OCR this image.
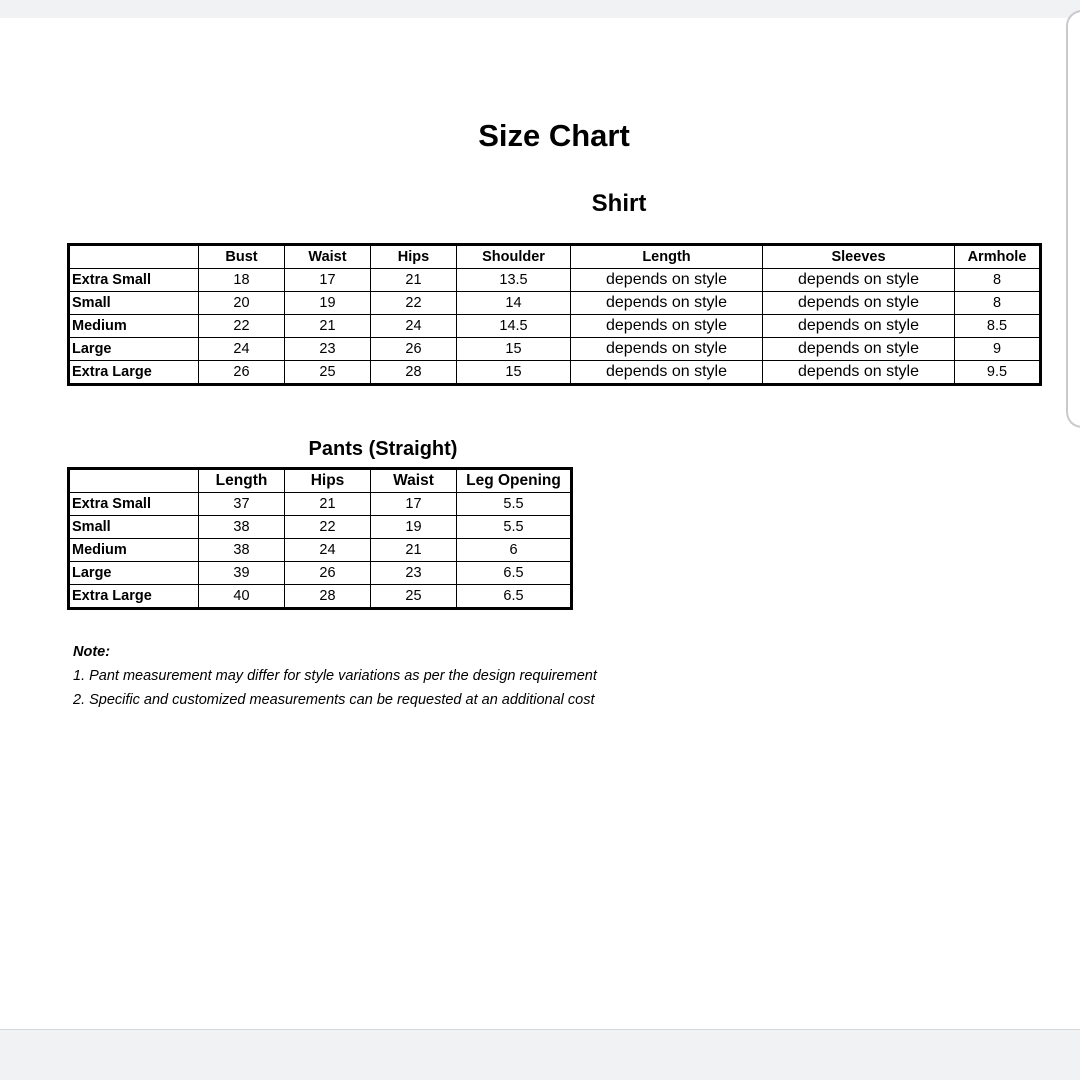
Size Chart
Shirt
	Bust	Waist	Hips	Shoulder	Length	Sleeves	Armhole
Extra Small	18	17	21	13.5	depends on style	depends on style	8
Small	20	19	22	14	depends on style	depends on style	8
Medium	22	21	24	14.5	depends on style	depends on style	8.5
Large	24	23	26	15	depends on style	depends on style	9
Extra Large	26	25	28	15	depends on style	depends on style	9.5
Pants (Straight)
	Length	Hips	Waist	Leg Opening
Extra Small	37	21	17	5.5
Small	38	22	19	5.5
Medium	38	24	21	6
Large	39	26	23	6.5
Extra Large	40	28	25	6.5
Note:
1. Pant measurement may differ for style variations as per the design requirement
2. Specific and customized measurements can be requested at an additional cost
